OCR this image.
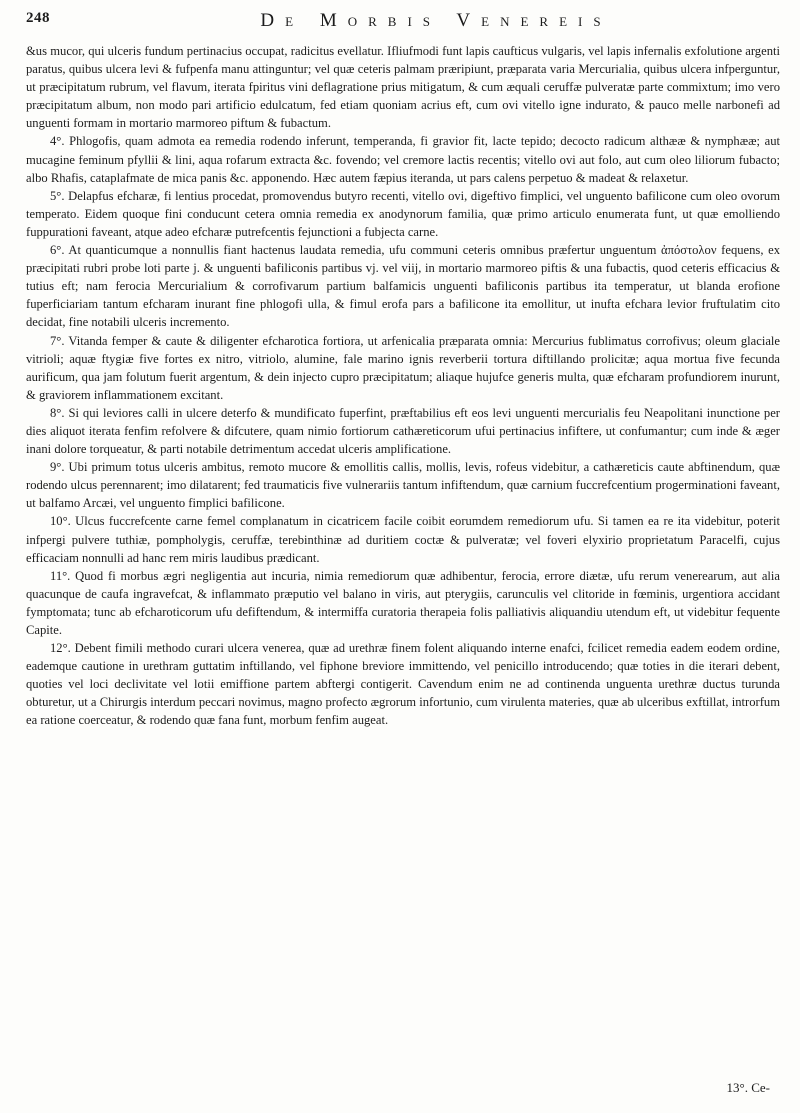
248	De Morbis Venereis

&us mucor, qui ulceris fundum pertinacius occupat, radicitus evellatur. Ifliufmodi funt lapis caufticus vulgaris, vel lapis infernalis exfolutione argenti paratus, quibus ulcera levi & fufpenfa manu attinguntur; vel quæ ceteris palmam præripiunt, præparata varia Mercurialia, quibus ulcera infperguntur, ut præcipitatum rubrum, vel flavum, iterata fpiritus vini deflagratione prius mitigatum, & cum æquali ceruffæ pulveratæ parte commixtum; imo vero præcipitatum album, non modo pari artificio edulcatum, fed etiam quoniam acrius eft, cum ovi vitello igne indurato, & pauco melle narbonefi ad unguenti formam in mortario marmoreo piftum & fubactum.

4°. Phlogofis, quam admota ea remedia rodendo inferunt, temperanda, fi gravior fit, lacte tepido; decocto radicum althææ & nymphææ; aut mucagine feminum pfyllii & lini, aqua rofarum extracta &c. fovendo; vel cremore lactis recentis; vitello ovi aut folo, aut cum oleo liliorum fubacto; albo Rhafis, cataplafmate de mica panis &c. apponendo. Hæc autem fæpius iteranda, ut pars calens perpetuo & madeat & relaxetur.

5°. Delapfus efcharæ, fi lentius procedat, promovendus butyro recenti, vitello ovi, digeftivo fimplici, vel unguento bafilicone cum oleo ovorum temperato. Eidem quoque fini conducunt cetera omnia remedia ex anodynorum familia, quæ primo articulo enumerata funt, ut quæ emolliendo fuppurationi faveant, atque adeo efcharæ putrefcentis fejunctioni a fubjecta carne.

6°. At quanticumque a nonnullis fiant hactenus laudata remedia, ufu communi ceteris omnibus præfertur unguentum ἀπόστολον fequens, ex præcipitati rubri probe loti parte j. & unguenti bafiliconis partibus vj. vel viij, in mortario marmoreo piftis & una fubactis, quod ceteris efficacius & tutius eft; nam ferocia Mercurialium & corrofivarum partium balfamicis unguenti bafiliconis partibus ita temperatur, ut blanda erofione fuperficiariam tantum efcharam inurant fine phlogofi ulla, & fimul erofa pars a bafilicone ita emollitur, ut inufta efchara levior fruftulatim cito decidat, fine notabili ulceris incremento.

7°. Vitanda femper & caute & diligenter efcharotica fortiora, ut arfenicalia præparata omnia: Mercurius fublimatus corrofivus; oleum glaciale vitrioli; aquæ ftygiæ five fortes ex nitro, vitriolo, alumine, fale marino ignis reverberii tortura diftillando prolicitæ; aqua mortua five fecunda aurificum, qua jam folutum fuerit argentum, & dein injecto cupro præcipitatum; aliaque hujufce generis multa, quæ efcharam profundiorem inurunt, & graviorem inflammationem excitant.

8°. Si qui leviores calli in ulcere deterfo & mundificato fuperfint, præftabilius eft eos levi unguenti mercurialis feu Neapolitani inunctione per dies aliquot iterata fenfim refolvere & difcutere, quam nimio fortiorum cathæreticorum ufui pertinacius infiftere, ut confumantur; cum inde & æger inani dolore torqueatur, & parti notabile detrimentum accedat ulceris amplificatione.

9°. Ubi primum totus ulceris ambitus, remoto mucore & emollitis callis, mollis, levis, rofeus videbitur, a cathæreticis caute abftinendum, quæ rodendo ulcus perennarent; imo dilatarent; fed traumaticis five vulnerariis tantum infiftendum, quæ carnium fuccrefcentium progerminationi faveant, ut balfamo Arcæi, vel unguento fimplici bafilicone.

10°. Ulcus fuccrefcente carne femel complanatum in cicatricem facile coibit eorumdem remediorum ufu. Si tamen ea re ita videbitur, poterit infpergi pulvere tuthiæ, pompholygis, ceruffæ, terebinthinæ ad duritiem coctæ & pulveratæ; vel foveri elyxirio proprietatum Paracelfi, cujus efficaciam nonnulli ad hanc rem miris laudibus prædicant.

11°. Quod fi morbus ægri negligentia aut incuria, nimia remediorum quæ adhibentur, ferocia, errore diætæ, ufu rerum venerearum, aut alia quacunque de caufa ingravefcat, & inflammato præputio vel balano in viris, aut pterygiis, carunculis vel clitoride in fœminis, urgentiora accidant fymptomata; tunc ab efcharoticorum ufu defiftendum, & intermiffa curatoria therapeia folis palliativis aliquandiu utendum eft, ut videbitur fequente Capite.

12°. Debent fimili methodo curari ulcera venerea, quæ ad urethræ finem folent aliquando interne enafci, fcilicet remedia eadem eodem ordine, eademque cautione in urethram guttatim inftillando, vel fiphone breviore immittendo, vel penicillo introducendo; quæ toties in die iterari debent, quoties vel loci declivitate vel lotii emiffione partem abftergi contigerit. Cavendum enim ne ad continenda unguenta urethræ ductus turunda obturetur, ut a Chirurgis interdum peccari novimus, magno profecto ægrorum infortunio, cum virulenta materies, quæ ab ulceribus exftillat, introrfum ea ratione coerceatur, & rodendo quæ fana funt, morbum fenfim augeat.

13°. Ce-
